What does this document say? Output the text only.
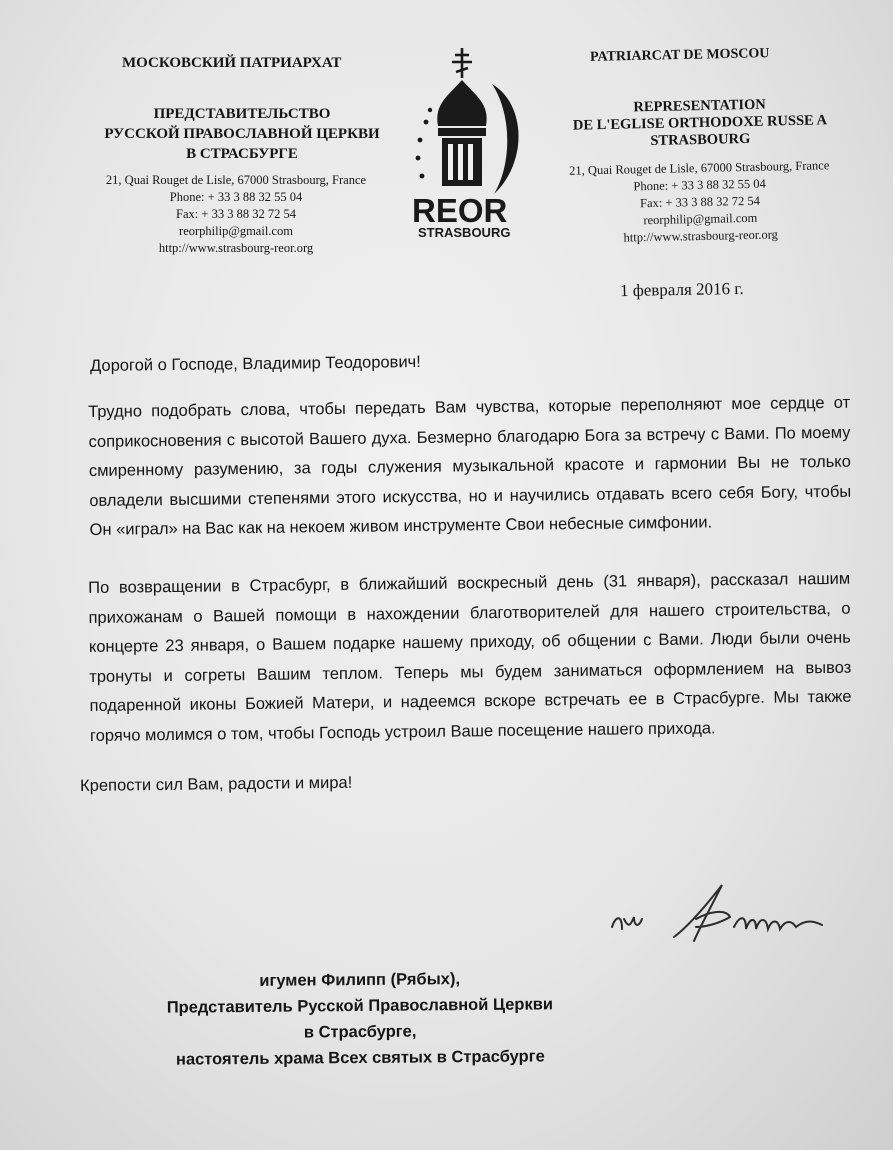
МОСКОВСКИЙ ПАТРИАРХАТ
ПРЕДСТАВИТЕЛЬСТВО
РУССКОЙ ПРАВОСЛАВНОЙ ЦЕРКВИ
В СТРАСБУРГЕ
21, Quai Rouget de Lisle, 67000 Strasbourg, France
Phone: + 33 3 88 32 55 04
Fax: + 33 3 88 32 72 54
reorphilip@gmail.com
http://www.strasbourg-reor.org
REOR
STRASBOURG
PATRIARCAT DE MOSCOU
REPRESENTATION
DE L'EGLISE ORTHODOXE RUSSE A
STRASBOURG
21, Quai Rouget de Lisle, 67000 Strasbourg, France
Phone: + 33 3 88 32 55 04
Fax: + 33 3 88 32 72 54
reorphilip@gmail.com
http://www.strasbourg-reor.org
1 февраля 2016 г.
Дорогой о Господе, Владимир Теодорович!
Трудно подобрать слова, чтобы передать Вам чувства, которые переполняют мое сердце от соприкосновения с высотой Вашего духа. Безмерно благодарю Бога за встречу с Вами. По моему смиренному разумению, за годы служения музыкальной красоте и гармонии Вы не только овладели высшими степенями этого искусства, но и научились отдавать всего себя Богу, чтобы Он «играл» на Вас как на некоем живом инструменте Свои небесные симфонии.
По возвращении в Страсбург, в ближайший воскресный день (31 января), рассказал нашим прихожанам о Вашей помощи в нахождении благотворителей для нашего строительства, о концерте 23 января, о Вашем подарке нашему приходу, об общении с Вами. Люди были очень тронуты и согреты Вашим теплом. Теперь мы будем заниматься оформлением на вывоз подаренной иконы Божией Матери, и надеемся вскоре встречать ее в Страсбурге. Мы также горячо молимся о том, чтобы Господь устроил Ваше посещение нашего прихода.
Крепости сил Вам, радости и мира!
игумен Филипп (Рябых),
Представитель Русской Православной Церкви
в Страсбурге,
настоятель храма Всех святых в Страсбурге
